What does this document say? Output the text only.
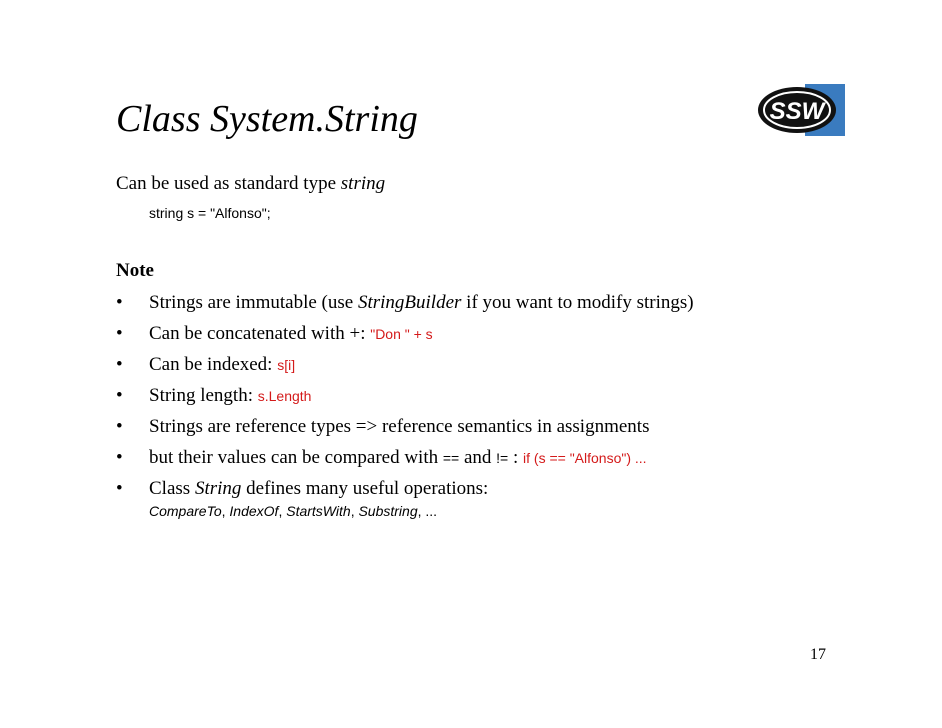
Class System.String	SSW
Can be used as standard type string
string s = "Alfonso";
Note
•	Strings are immutable (use StringBuilder if you want to modify strings)
•	Can be concatenated with +: "Don " + s
•	Can be indexed: s[i]
•	String length: s.Length
•	Strings are reference types => reference semantics in assignments
•	but their values can be compared with == and != : if (s == "Alfonso") ...
•	Class String defines many useful operations:
CompareTo, IndexOf, StartsWith, Substring, ...
17
